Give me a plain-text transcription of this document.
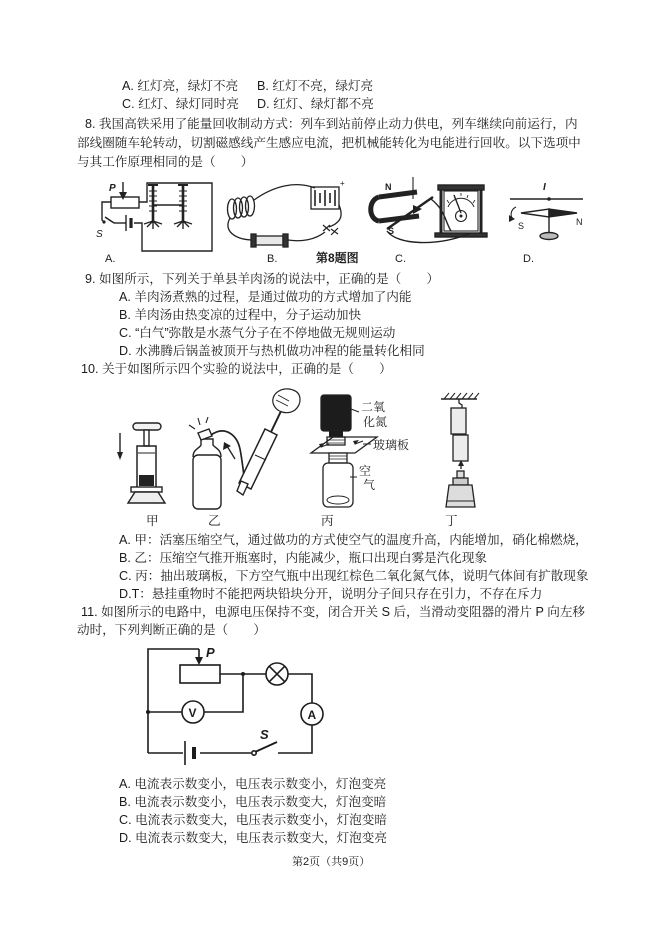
A. 红灯亮，绿灯不亮 B. 红灯不亮，绿灯亮
C. 红灯、绿灯同时亮 D. 红灯、绿灯都不亮
8. 我国高铁采用了能量回收制动方式：列车到站前停止动力供电，列车继续向前运行，内
部线圈随车轮转动，切割磁感线产生感应电流，把机械能转化为电能进行回收。以下选项中
与其工作原理相同的是（　　）
P
S
A.
+
B.	第8题图
N
S
C.
I
S	N
D.
9. 如图所示，下列关于单县羊肉汤的说法中，正确的是（　　）
A. 羊肉汤煮熟的过程，是通过做功的方式增加了内能
B. 羊肉汤由热变凉的过程中，分子运动加快
C. “白气”弥散是水蒸气分子在不停地做无规则运动
D. 水沸腾后锅盖被顶开与热机做功冲程的能量转化相同
10. 关于如图所示四个实验的说法中，正确的是（　　）
二氧
化氮
玻璃板
空
气
甲	乙	丙	丁
A. 甲：活塞压缩空气，通过做功的方式使空气的温度升高，内能增加，硝化棉燃烧，
B. 乙：压缩空气推开瓶塞时，内能减少，瓶口出现白雾是汽化现象
C. 丙：抽出玻璃板，下方空气瓶中出现红棕色二氧化氮气体，说明气体间有扩散现象
D.T：悬挂重物时不能把两块铅块分开，说明分子间只存在引力，不存在斥力
11. 如图所示的电路中，电源电压保持不变，闭合开关 S 后，当滑动变阻器的滑片 P 向左移
动时，下列判断正确的是（　　）
P
V	A
S
A. 电流表示数变小，电压表示数变小，灯泡变亮
B. 电流表示数变小，电压表示数变大，灯泡变暗
C. 电流表示数变大，电压表示数变小，灯泡变暗
D. 电流表示数变大，电压表示数变大，灯泡变亮
第2页（共9页）
